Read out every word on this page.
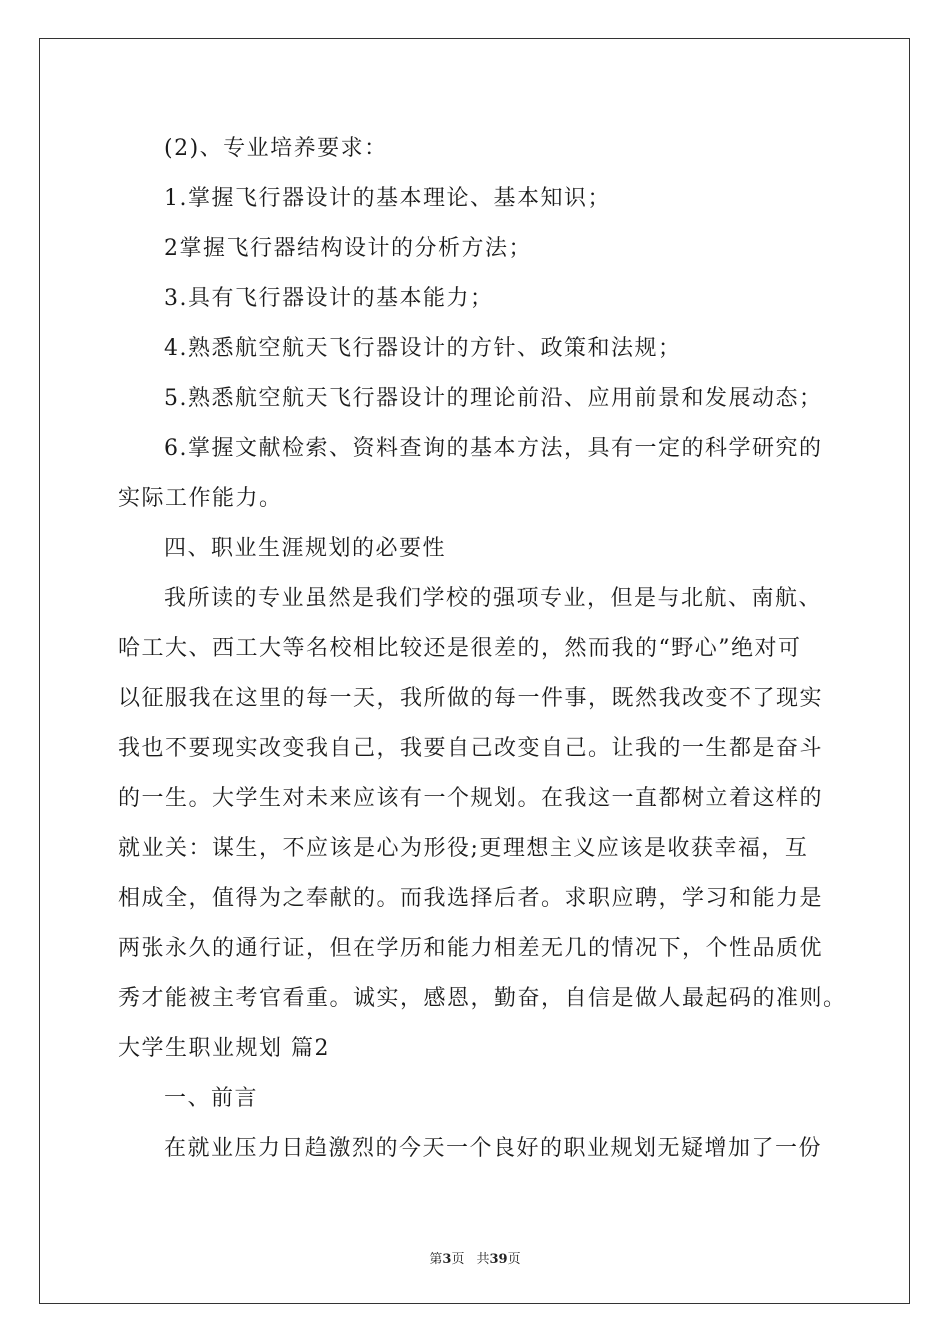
(2)、专业培养要求：
1.掌握飞行器设计的基本理论、基本知识；
2掌握飞行器结构设计的分析方法；
3.具有飞行器设计的基本能力；
4.熟悉航空航天飞行器设计的方针、政策和法规；
5.熟悉航空航天飞行器设计的理论前沿、应用前景和发展动态；
6.掌握文献检索、资料查询的基本方法，具有一定的科学研究的
实际工作能力。
四、职业生涯规划的必要性
我所读的专业虽然是我们学校的强项专业，但是与北航、南航、
哈工大、西工大等名校相比较还是很差的，然而我的“野心”绝对可
以征服我在这里的每一天，我所做的每一件事，既然我改变不了现实
我也不要现实改变我自己，我要自己改变自己。让我的一生都是奋斗
的一生。大学生对未来应该有一个规划。在我这一直都树立着这样的
就业关：谋生，不应该是心为形役;更理想主义应该是收获幸福，互
相成全，值得为之奉献的。而我选择后者。求职应聘，学习和能力是
两张永久的通行证，但在学历和能力相差无几的情况下，个性品质优
秀才能被主考官看重。诚实，感恩，勤奋，自信是做人最起码的准则。
大学生职业规划 篇2
一、前言
在就业压力日趋激烈的今天一个良好的职业规划无疑增加了一份
第3页 共39页
